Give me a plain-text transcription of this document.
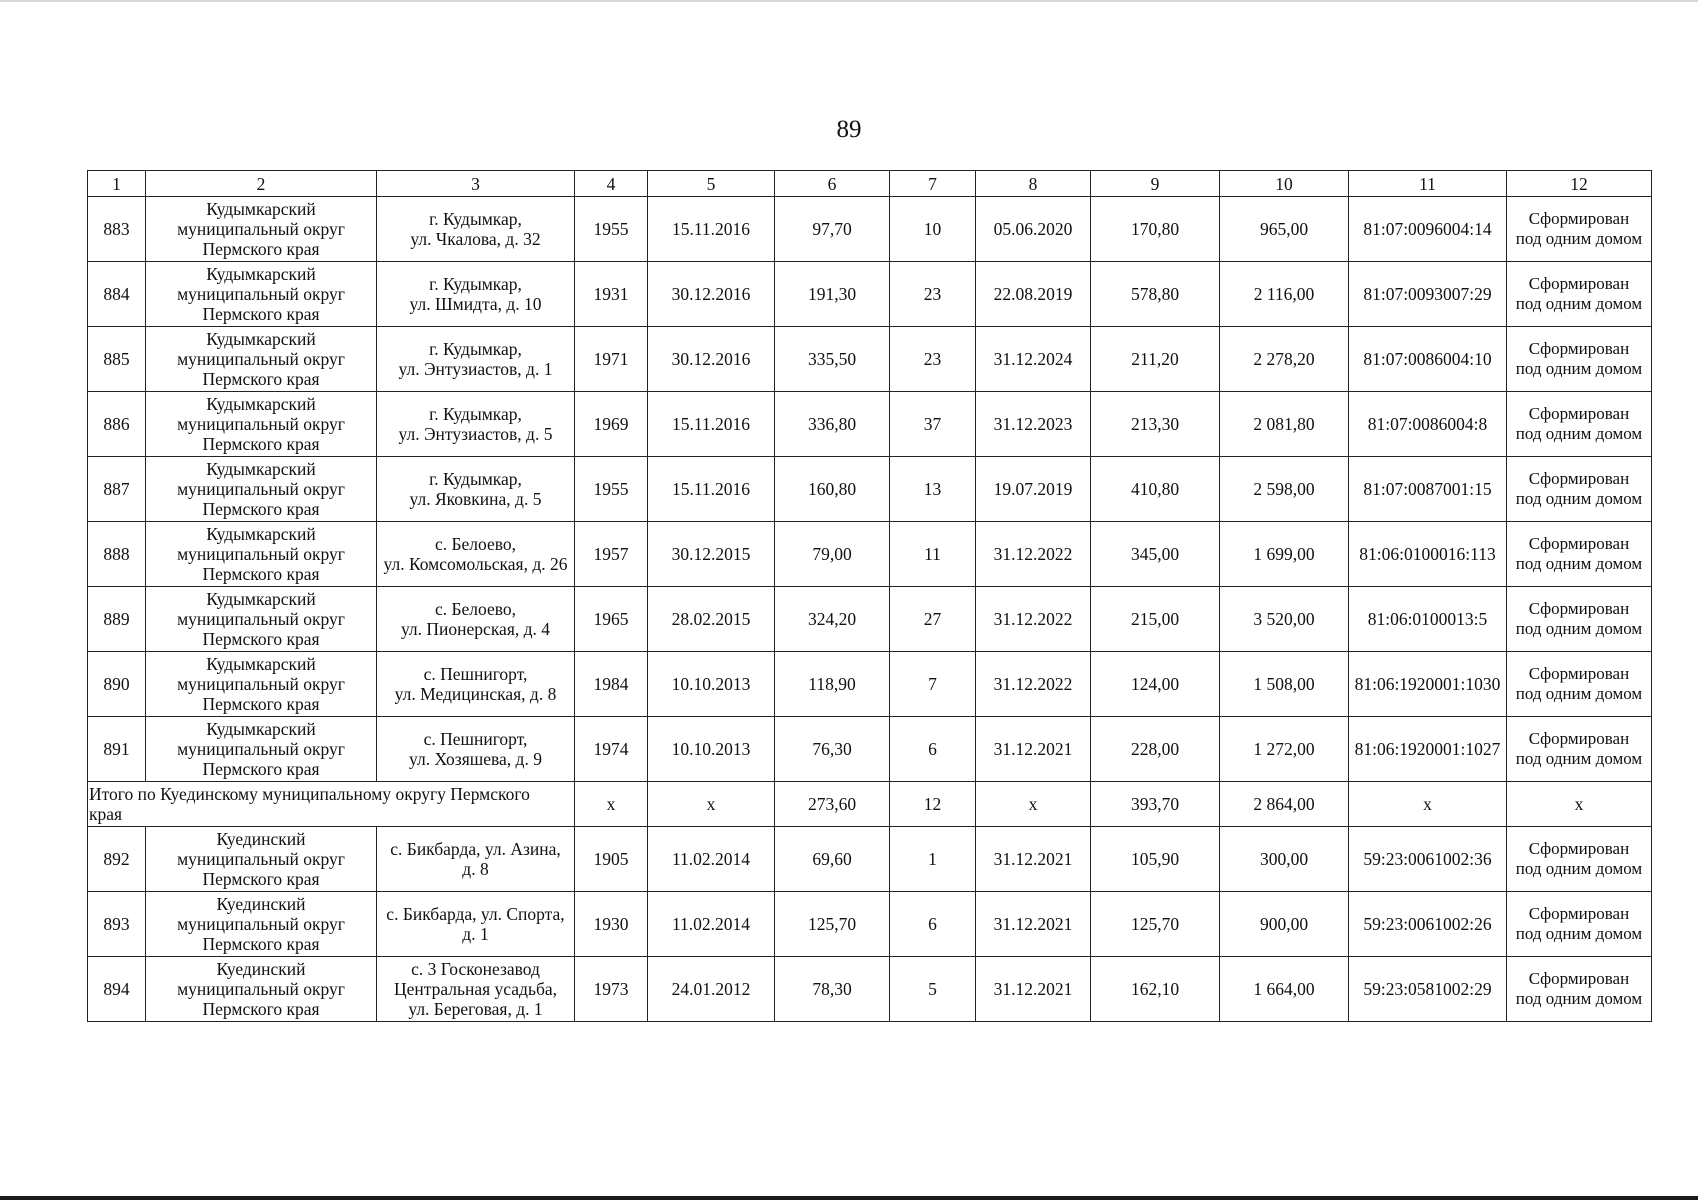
89
1	2	3	4	5	6	7	8	9	10	11	12
883	Кудымкарский
муниципальный округ
Пермского края	г. Кудымкар,
ул. Чкалова, д. 32	1955	15.11.2016	97,70	10	05.06.2020	170,80	965,00	81:07:0096004:14	Сформирован
под одним домом

884	Кудымкарский
муниципальный округ
Пермского края	г. Кудымкар,
ул. Шмидта, д. 10	1931	30.12.2016	191,30	23	22.08.2019	578,80	2 116,00	81:07:0093007:29	Сформирован
под одним домом

885	Кудымкарский
муниципальный округ
Пермского края	г. Кудымкар,
ул. Энтузиастов, д. 1	1971	30.12.2016	335,50	23	31.12.2024	211,20	2 278,20	81:07:0086004:10	Сформирован
под одним домом

886	Кудымкарский
муниципальный округ
Пермского края	г. Кудымкар,
ул. Энтузиастов, д. 5	1969	15.11.2016	336,80	37	31.12.2023	213,30	2 081,80	81:07:0086004:8	Сформирован
под одним домом

887	Кудымкарский
муниципальный округ
Пермского края	г. Кудымкар,
ул. Яковкина, д. 5	1955	15.11.2016	160,80	13	19.07.2019	410,80	2 598,00	81:07:0087001:15	Сформирован
под одним домом

888	Кудымкарский
муниципальный округ
Пермского края	с. Белоево,
ул. Комсомольская, д. 26	1957	30.12.2015	79,00	11	31.12.2022	345,00	1 699,00	81:06:0100016:113	Сформирован
под одним домом

889	Кудымкарский
муниципальный округ
Пермского края	с. Белоево,
ул. Пионерская, д. 4	1965	28.02.2015	324,20	27	31.12.2022	215,00	3 520,00	81:06:0100013:5	Сформирован
под одним домом

890	Кудымкарский
муниципальный округ
Пермского края	с. Пешнигорт,
ул. Медицинская, д. 8	1984	10.10.2013	118,90	7	31.12.2022	124,00	1 508,00	81:06:1920001:1030	Сформирован
под одним домом

891	Кудымкарский
муниципальный округ
Пермского края	с. Пешнигорт,
ул. Хозяшева, д. 9	1974	10.10.2013	76,30	6	31.12.2021	228,00	1 272,00	81:06:1920001:1027	Сформирован
под одним домом

Итого по Куединскому муниципальному округу Пермского
края			х	х	273,60	12	х	393,70	2 864,00	х	х
892	Куединский
муниципальный округ
Пермского края	с. Бикбарда, ул. Азина,
д. 8	1905	11.02.2014	69,60	1	31.12.2021	105,90	300,00	59:23:0061002:36	Сформирован
под одним домом

893	Куединский
муниципальный округ
Пермского края	с. Бикбарда, ул. Спорта,
д. 1	1930	11.02.2014	125,70	6	31.12.2021	125,70	900,00	59:23:0061002:26	Сформирован
под одним домом

894	Куединский
муниципальный округ
Пермского края	с. 3 Госконезавод
Центральная усадьба,
ул. Береговая, д. 1	1973	24.01.2012	78,30	5	31.12.2021	162,10	1 664,00	59:23:0581002:29	Сформирован
под одним домом
